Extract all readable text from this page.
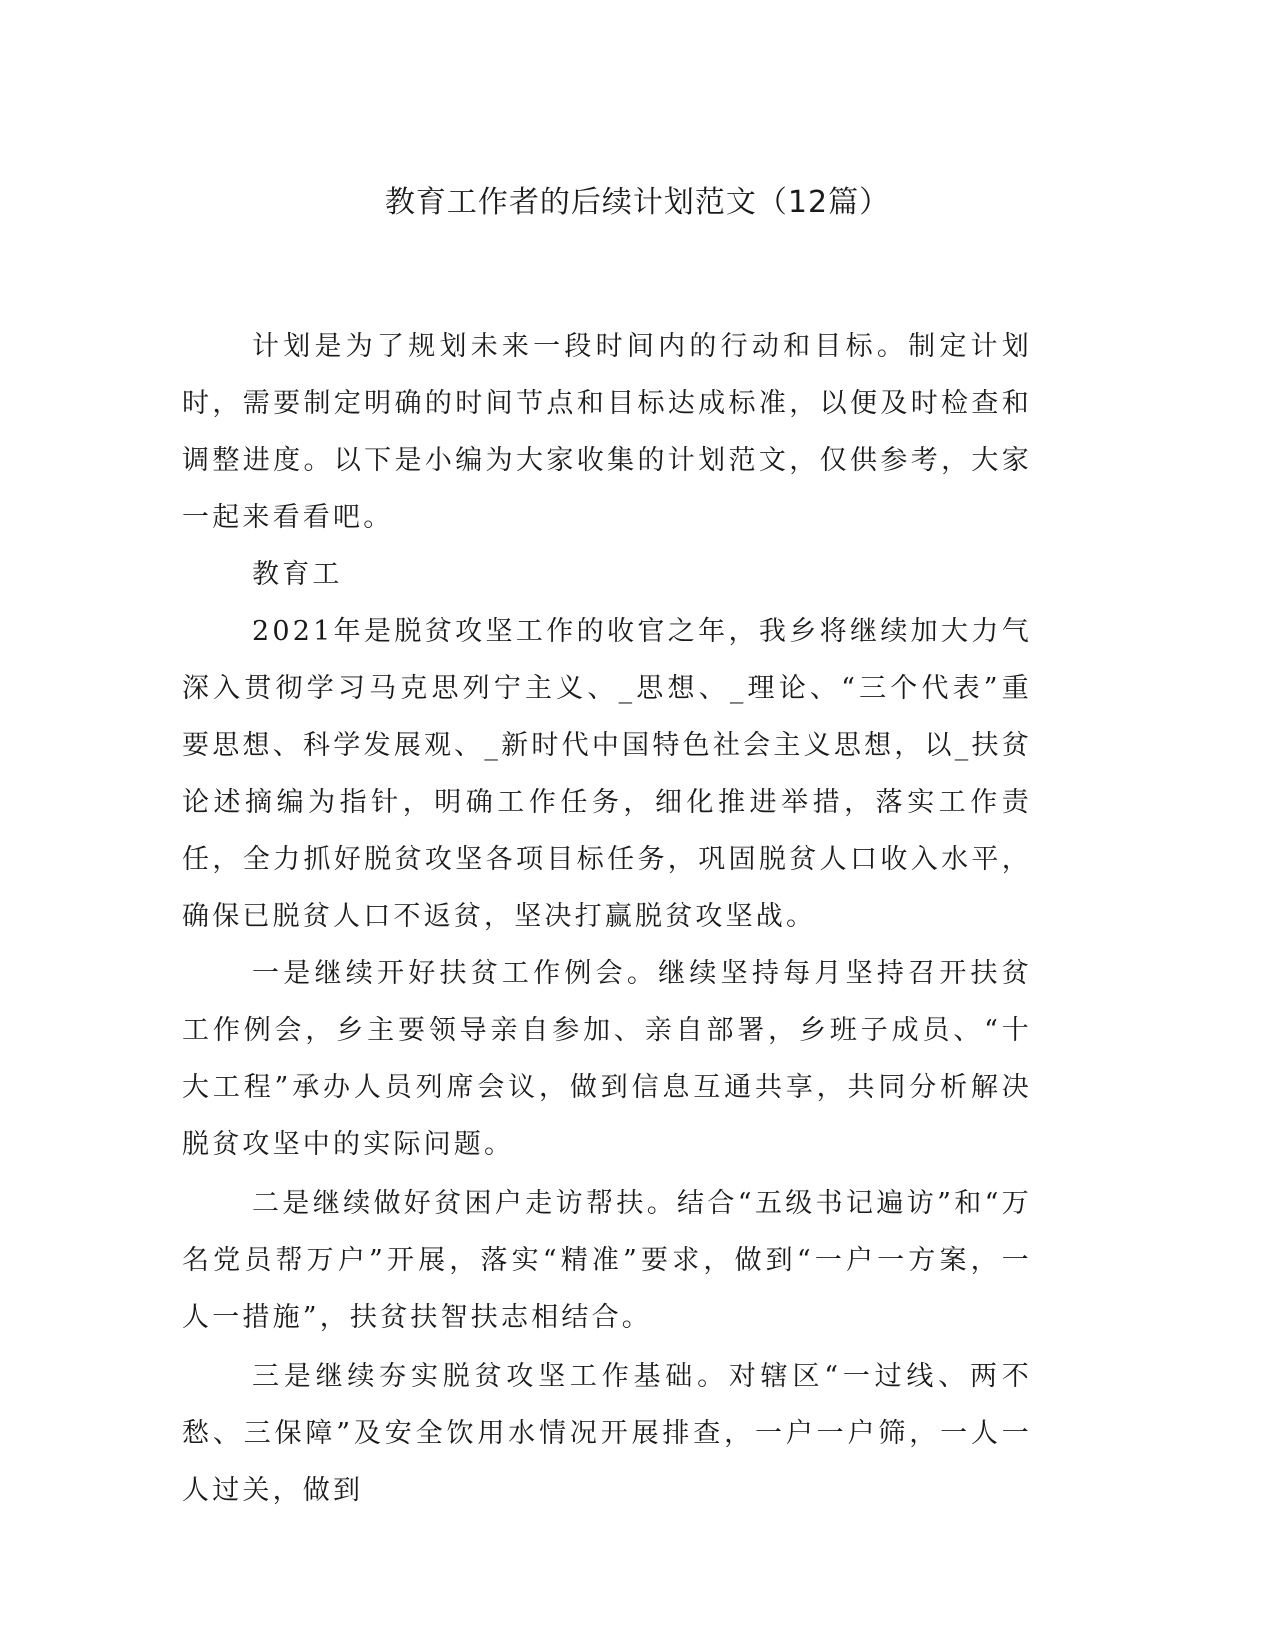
教育工作者的后续计划范文（12篇）

计划是为了规划未来一段时间内的行动和目标。制定计划时，需要制定明确的时间节点和目标达成标准，以便及时检查和调整进度。以下是小编为大家收集的计划范文，仅供参考，大家一起来看看吧。

教育工

2021年是脱贫攻坚工作的收官之年，我乡将继续加大力气深入贯彻学习马克思列宁主义、_思想、_理论、“三个代表”重要思想、科学发展观、_新时代中国特色社会主义思想，以_扶贫论述摘编为指针，明确工作任务，细化推进举措，落实工作责任，全力抓好脱贫攻坚各项目标任务，巩固脱贫人口收入水平，确保已脱贫人口不返贫，坚决打赢脱贫攻坚战。

一是继续开好扶贫工作例会。继续坚持每月坚持召开扶贫工作例会，乡主要领导亲自参加、亲自部署，乡班子成员、“十大工程”承办人员列席会议，做到信息互通共享，共同分析解决脱贫攻坚中的实际问题。

二是继续做好贫困户走访帮扶。结合“五级书记遍访”和“万名党员帮万户”开展，落实“精准”要求，做到“一户一方案，一人一措施”，扶贫扶智扶志相结合。

三是继续夯实脱贫攻坚工作基础。对辖区“一过线、两不愁、三保障”及安全饮用水情况开展排查，一户一户筛，一人一人过关，做到
